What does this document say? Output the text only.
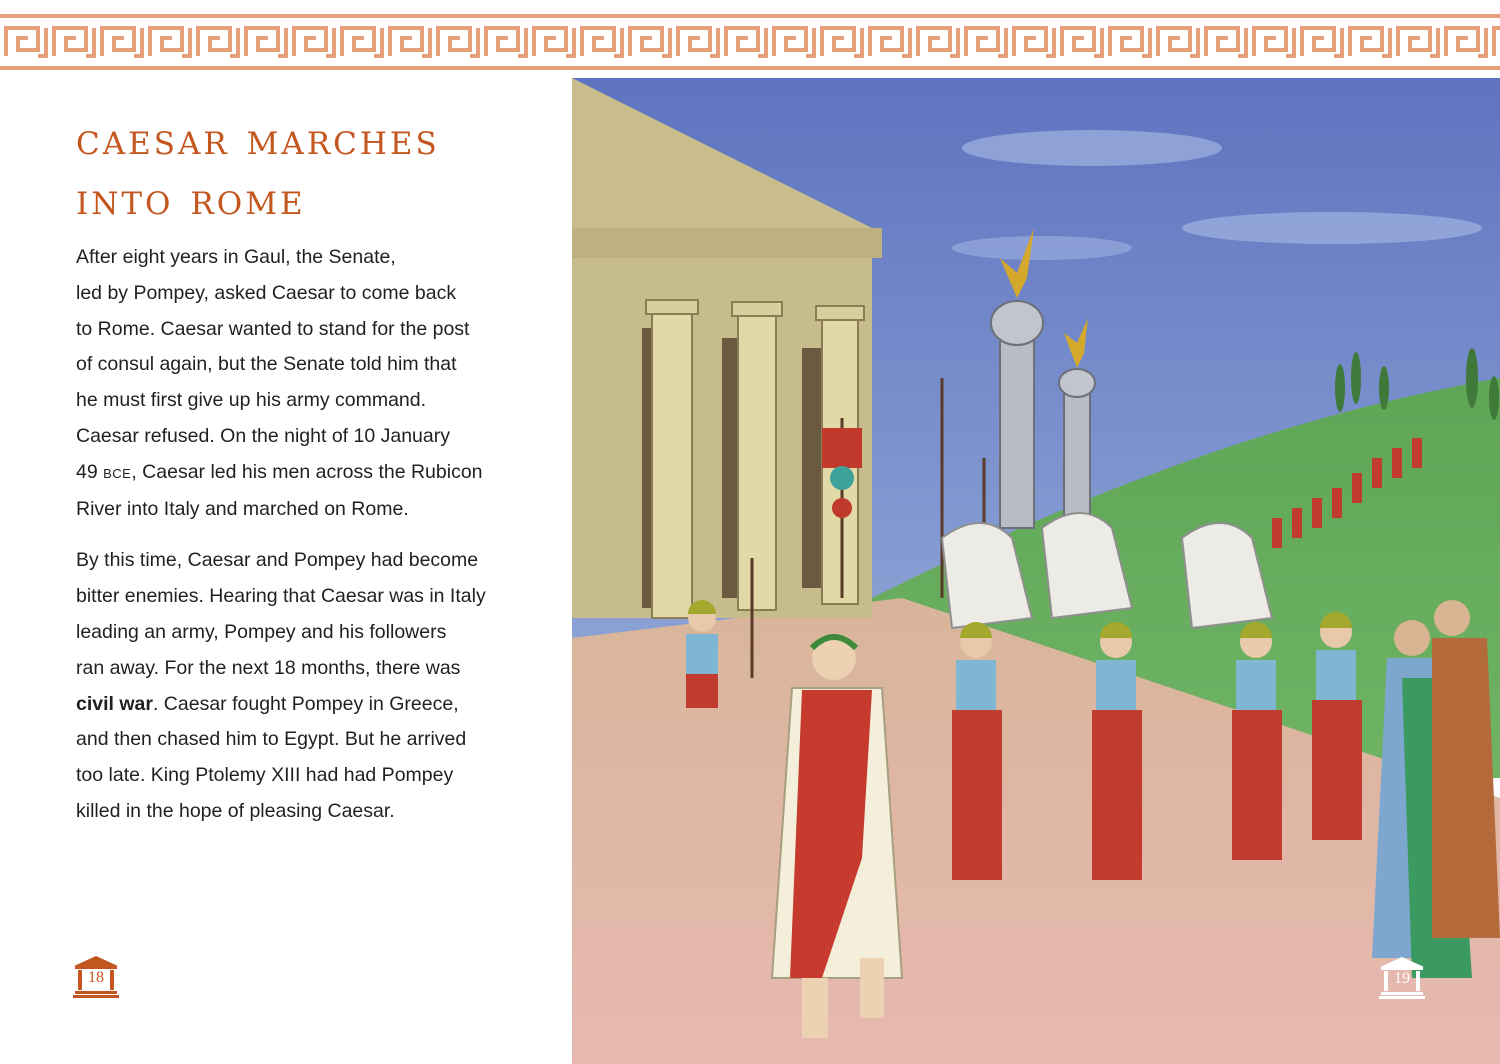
caesar marches
into rome

After eight years in Gaul, the Senate,
led by Pompey, asked Caesar to come back
to Rome. Caesar wanted to stand for the post
of consul again, but the Senate told him that
he must first give up his army command.
Caesar refused. On the night of 10 January
49 BCE, Caesar led his men across the Rubicon
River into Italy and marched on Rome.

By this time, Caesar and Pompey had become
bitter enemies. Hearing that Caesar was in Italy
leading an army, Pompey and his followers
ran away. For the next 18 months, there was
civil war. Caesar fought Pompey in Greece,
and then chased him to Egypt. But he arrived
too late. King Ptolemy XIII had had Pompey
killed in the hope of pleasing Caesar.

18	19
